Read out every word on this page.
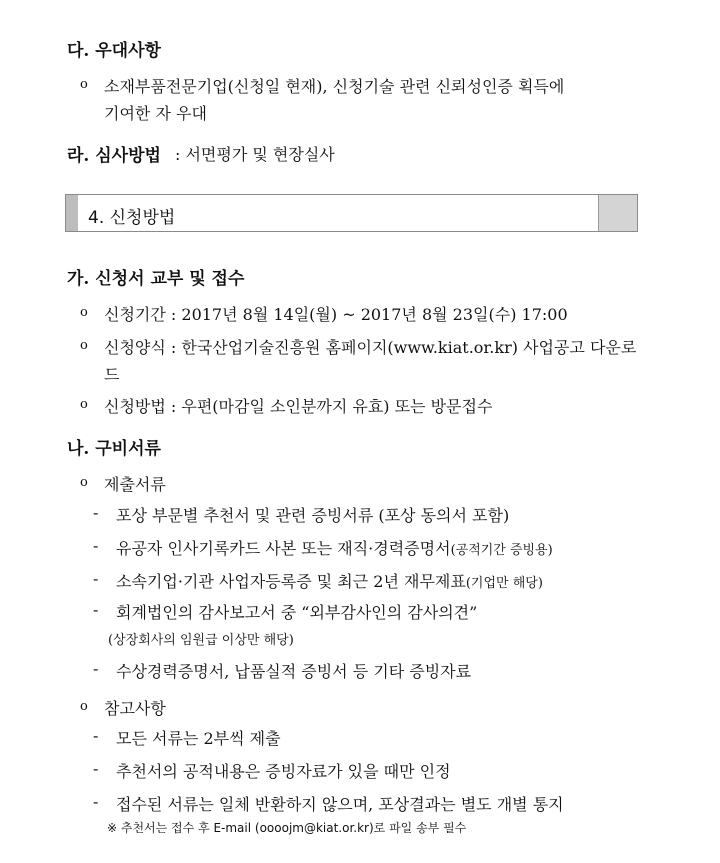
다. 우대사항
o 소재부품전문기업(신청일 현재), 신청기술 관련 신뢰성인증 획득에
기여한 자 우대
라. 심사방법 : 서면평가 및 현장실사
4. 신청방법
가. 신청서 교부 및 접수
o 신청기간 : 2017년 8월 14일(월) ~ 2017년 8월 23일(수) 17:00
o 신청양식 : 한국산업기술진흥원 홈페이지(www.kiat.or.kr) 사업공고 다운로
드
o 신청방법 : 우편(마감일 소인분까지 유효) 또는 방문접수
나. 구비서류
o 제출서류
- 포상 부문별 추천서 및 관련 증빙서류 (포상 동의서 포함)
- 유공자 인사기록카드 사본 또는 재직·경력증명서(공적기간 증빙용)
- 소속기업·기관 사업자등록증 및 최근 2년 재무제표(기업만 해당)
- 회계법인의 감사보고서 중 “외부감사인의 감사의견”
(상장회사의 임원급 이상만 해당)
- 수상경력증명서, 납품실적 증빙서 등 기타 증빙자료
o 참고사항
- 모든 서류는 2부씩 제출
- 추천서의 공적내용은 증빙자료가 있을 때만 인정
- 접수된 서류는 일체 반환하지 않으며, 포상결과는 별도 개별 통지
※ 추천서는 접수 후 E-mail (oooojm@kiat.or.kr)로 파일 송부 필수
